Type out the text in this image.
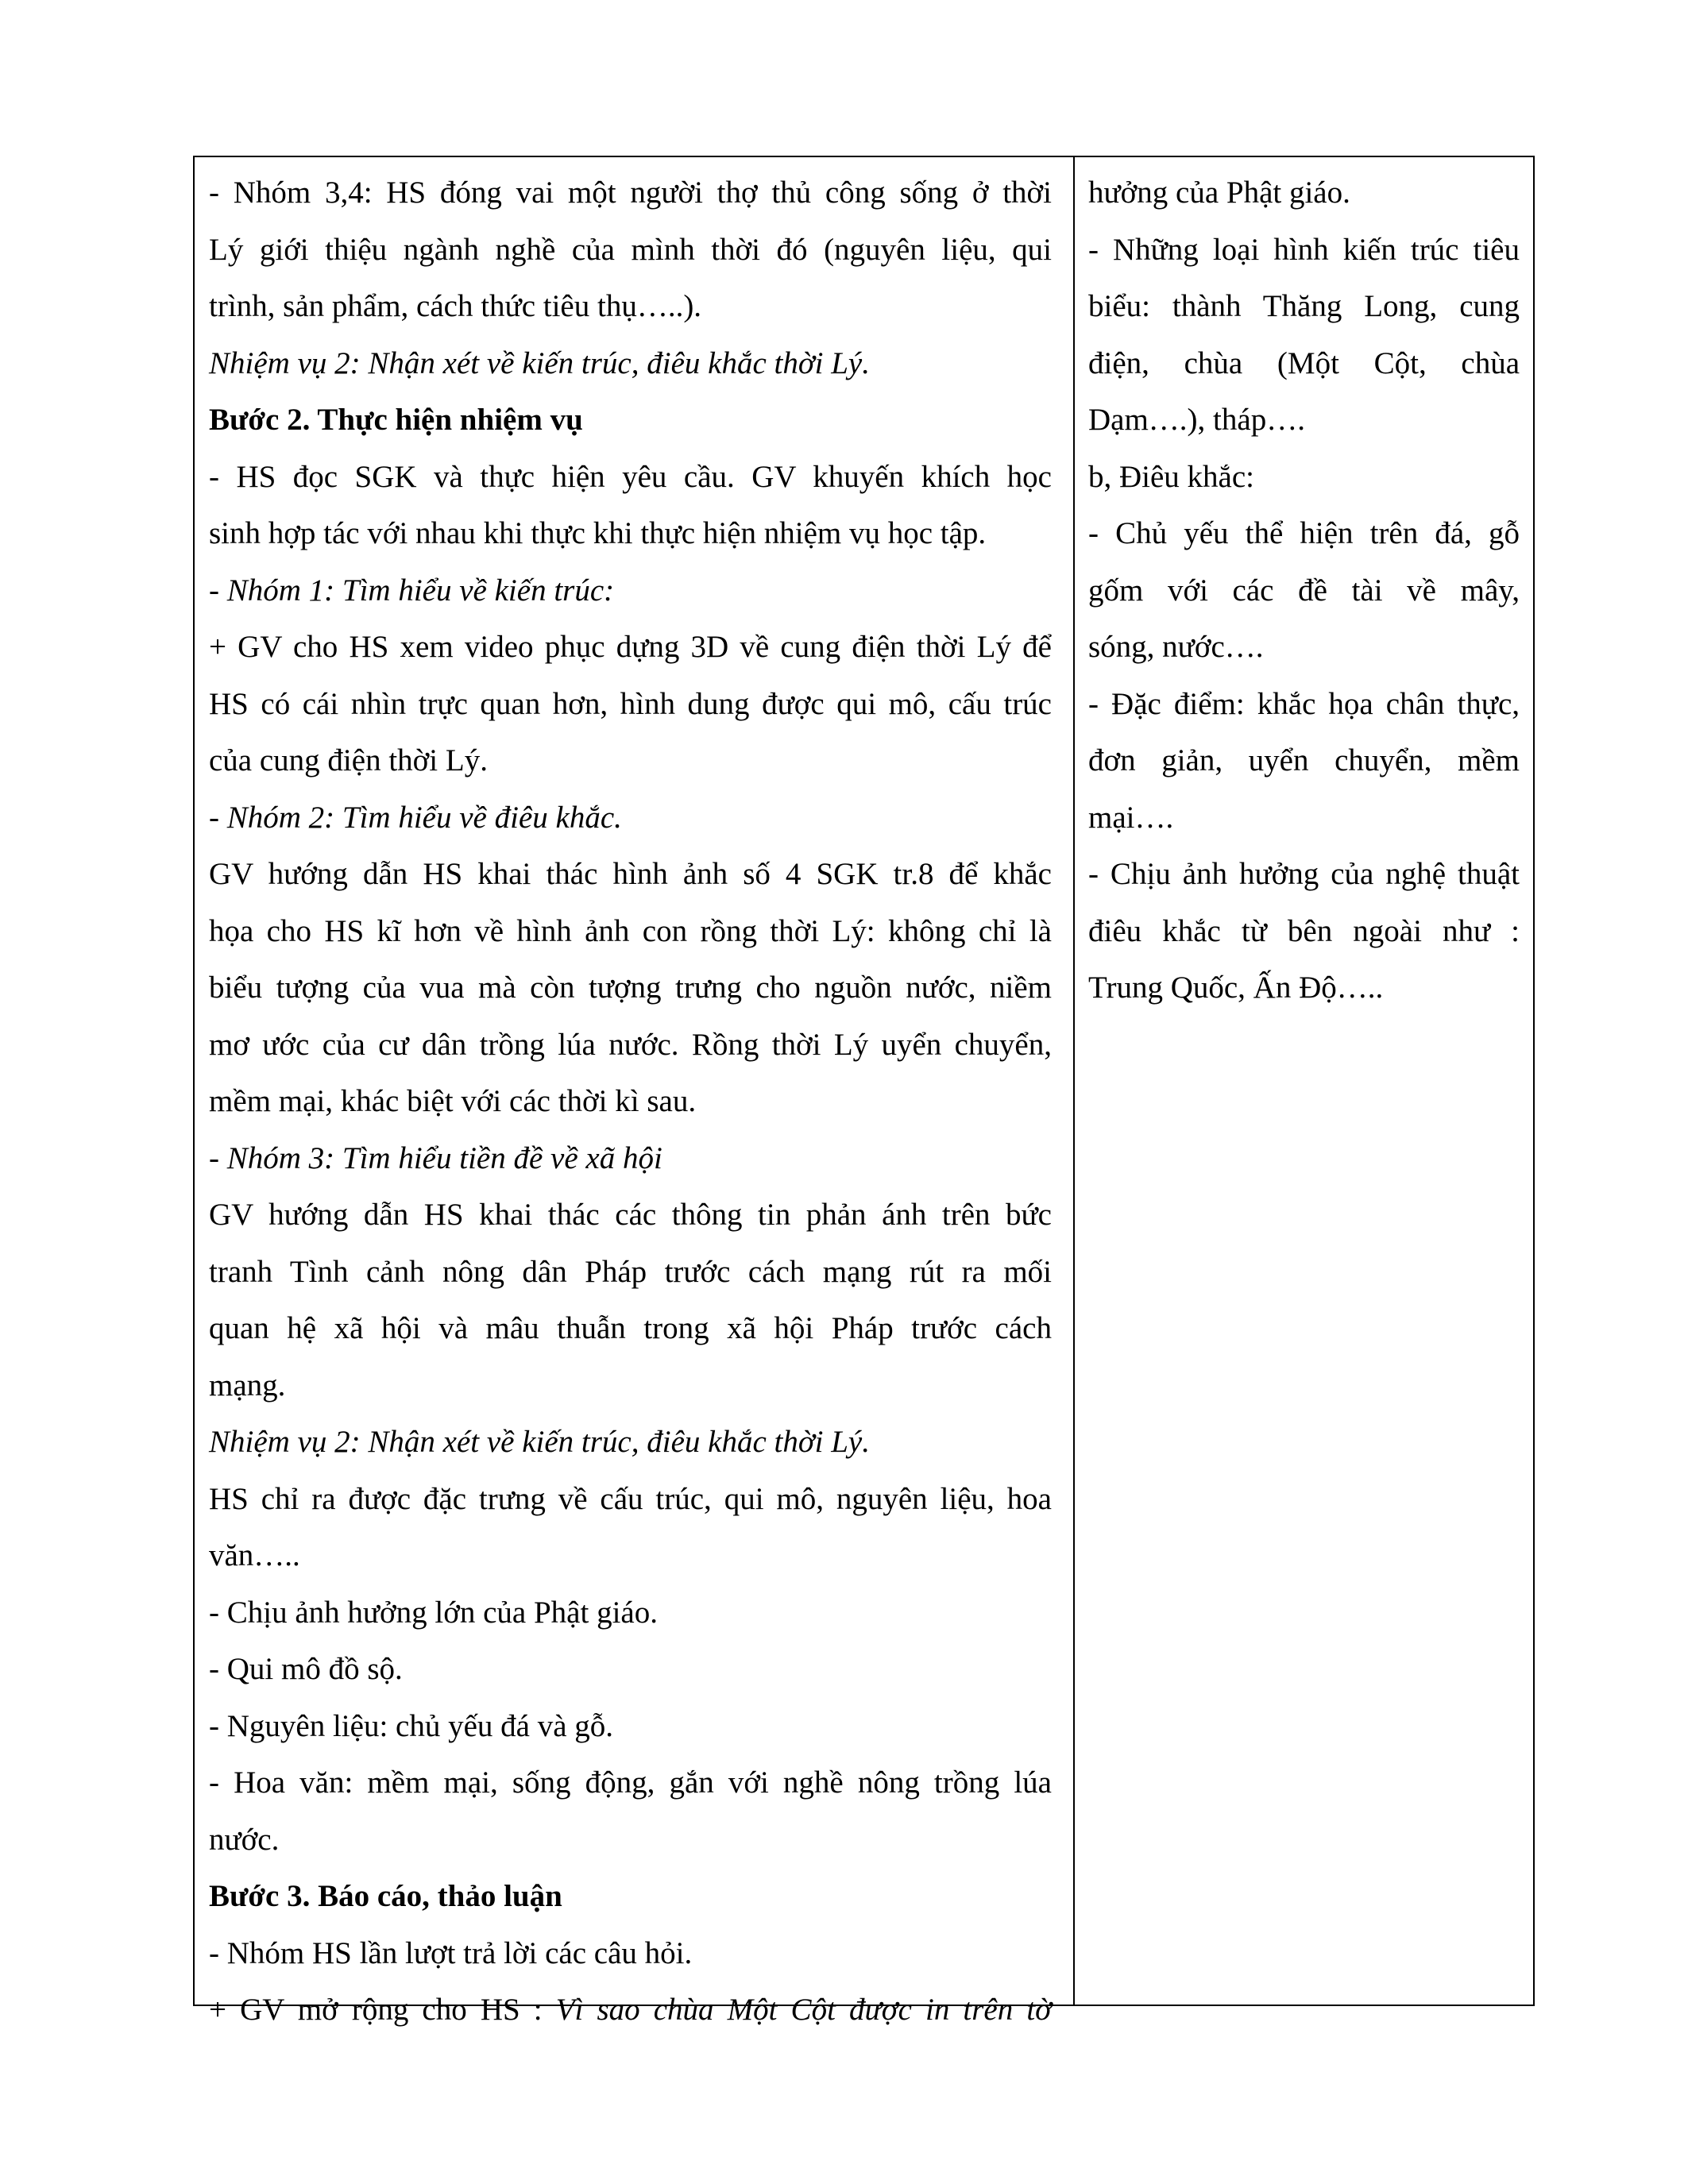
- Nhóm 3,4: HS đóng vai một người thợ thủ công sống ở thời
Lý giới thiệu ngành nghề của mình thời đó (nguyên liệu, qui
trình, sản phẩm, cách thức tiêu thụ…..).
Nhiệm vụ 2: Nhận xét về kiến trúc, điêu khắc thời Lý.
Bước 2. Thực hiện nhiệm vụ
- HS đọc SGK và thực hiện yêu cầu. GV khuyến khích học
sinh hợp tác với nhau khi thực khi thực hiện nhiệm vụ học tập.
- Nhóm 1: Tìm hiểu về kiến trúc:
+ GV cho HS xem video phục dựng 3D về cung điện thời Lý để
HS có cái nhìn trực quan hơn, hình dung được qui mô, cấu trúc
của cung điện thời Lý.
- Nhóm 2: Tìm hiểu về điêu khắc.
GV hướng dẫn HS khai thác hình ảnh số 4 SGK tr.8 để khắc
họa cho HS kĩ hơn về hình ảnh con rồng thời Lý: không chỉ là
biểu tượng của vua mà còn tượng trưng cho nguồn nước, niềm
mơ ước của cư dân trồng lúa nước. Rồng thời Lý uyển chuyển,
mềm mại, khác biệt với các thời kì sau.
- Nhóm 3: Tìm hiểu tiền đề về xã hội
GV hướng dẫn HS khai thác các thông tin phản ánh trên bức
tranh Tình cảnh nông dân Pháp trước cách mạng rút ra mối
quan hệ xã hội và mâu thuẫn trong xã hội Pháp trước cách
mạng.
Nhiệm vụ 2: Nhận xét về kiến trúc, điêu khắc thời Lý.
HS chỉ ra được đặc trưng về cấu trúc, qui mô, nguyên liệu, hoa
văn…..
- Chịu ảnh hưởng lớn của Phật giáo.
- Qui mô đồ sộ.
- Nguyên liệu: chủ yếu đá và gỗ.
- Hoa văn: mềm mại, sống động, gắn với nghề nông trồng lúa
nước.
Bước 3. Báo cáo, thảo luận
- Nhóm HS lần lượt trả lời các câu hỏi.
+ GV mở rộng cho HS : Vì sao chùa Một Cột được in trên tờ
hưởng của Phật giáo.
- Những loại hình kiến trúc tiêu
biểu: thành Thăng Long, cung
điện, chùa (Một Cột, chùa
Dạm….), tháp….
b, Điêu khắc:
- Chủ yếu thể hiện trên đá, gỗ
gốm với các đề tài về mây,
sóng, nước….
- Đặc điểm: khắc họa chân thực,
đơn giản, uyển chuyển, mềm
mại….
- Chịu ảnh hưởng của nghệ thuật
điêu khắc từ bên ngoài như :
Trung Quốc, Ấn Độ…..
